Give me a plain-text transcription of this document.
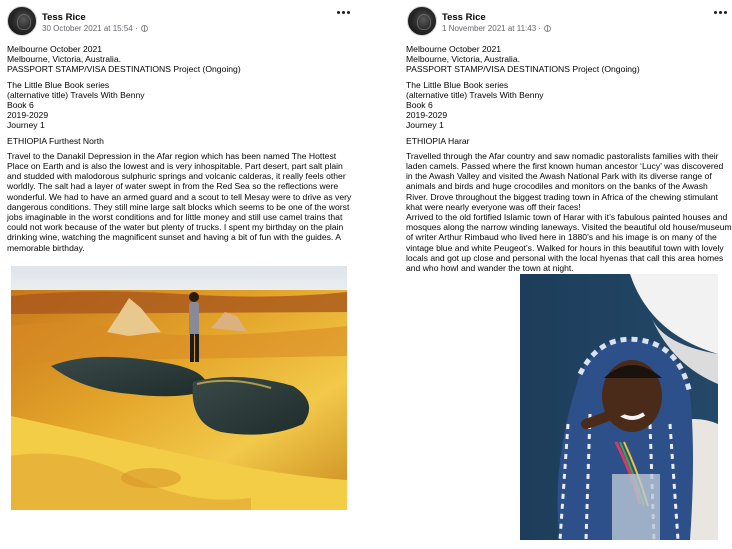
Tess Rice
30 October 2021 at 15:54 ·
Melbourne October 2021
Melbourne, Victoria, Australia.
PASSPORT STAMP/VISA DESTINATIONS Project (Ongoing)
The Little Blue Book series
(alternative title) Travels With Benny
Book 6
2019-2029
Journey 1
ETHIOPIA Furthest North
Travel to the Danakil Depression in the Afar region which has been named The Hottest Place on Earth and is also the lowest and is very inhospitable. Part desert, part salt plain and studded with malodorous sulphuric springs and volcanic calderas, it really feels other worldly. The salt had a layer of water swept in from the Red Sea so the reflections were wonderful. We had to have an armed guard and a scout to tell Mesay were to drive as very dangerous conditions. They still mine large salt blocks which seems to be one of the worst jobs imaginable in the worst conditions and for little money and still use camel trains that could not work because of the water but plenty of trucks. I spent my birthday on the plain drinking wine, watching the magnificent sunset and having a bit of fun with the guides. A memorable birthday.
Tess Rice
1 November 2021 at 11:43 ·
Melbourne October 2021
Melbourne, Victoria, Australia.
PASSPORT STAMP/VISA DESTINATIONS Project (Ongoing)
The Little Blue Book series
(alternative title) Travels With Benny
Book 6
2019-2029
Journey 1
ETHIOPIA Harar
Travelled through the Afar country and saw nomadic pastoralists families with their laden camels. Passed where the first known human ancestor ‘Lucy’ was discovered in the Awash Valley and visited the Awash National Park with its diverse range of animals and birds and huge crocodiles and monitors on the banks of the Awash River. Drove throughout the biggest trading town in Africa of the chewing stimulant khat were nearly everyone was off their faces!
Arrived to the old fortified Islamic town of Harar with it’s fabulous painted houses and mosques along the narrow winding laneways. Visited the beautiful old house/museum of writer Arthur Rimbaud who lived here in 1880’s and his image is on many of the vintage blue and white Peugeot’s. Walked for hours in this beautiful town with lovely locals and got up close and personal with the local hyenas that call this area homes and who howl and wander the town at night.
